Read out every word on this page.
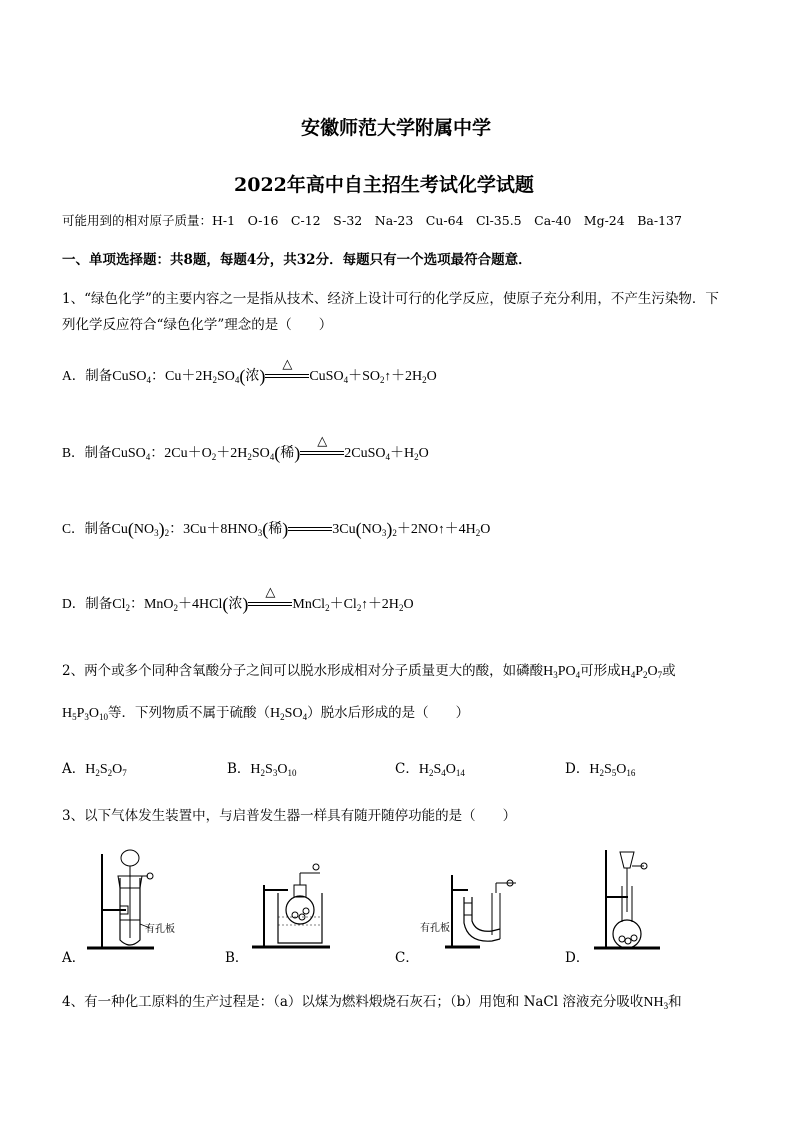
安徽师范大学附属中学
2022年高中自主招生考试化学试题
可能用到的相对原子质量：H-1　O-16　C-12　S-32　Na-23　Cu-64　Cl-35.5　Ca-40　Mg-24　Ba-137
一、单项选择题：共8题，每题4分，共32分．每题只有一个选项最符合题意．
1、“绿色化学”的主要内容之一是指从技术、经济上设计可行的化学反应，使原子充分利用，不产生污染物．下
列化学反应符合“绿色化学”理念的是（　　）
A．制备CuSO$_4$：$Cu+2H_2SO_4$(浓)
△
$CuSO_4+SO_2↑+2H_2O$
B．制备CuSO$_4$：$2Cu+O_2+2H_2SO_4$(稀)
△
$2CuSO_4+H_2O$
C．制备$Cu(NO_3)_2$：$3Cu+8HNO_3$(稀)	$3Cu(NO_3)_2+2NO↑+4H_2O$
D．制备$Cl_2$：MnO$_2$＋4HCl(浓)
△
$MnCl_2+Cl_2↑+2H_2O$
2、两个或多个同种含氧酸分子之间可以脱水形成相对分子质量更大的酸，如磷酸$H_3PO_4$可形成$H_4P_2O_7$或
$H_5P_3O_{10}$等．下列物质不属于硫酸$(H_2SO_4)$脱水后形成的是（　　）
A．$H_2S_2O_7$	B．$H_2S_3O_{10}$	C．$H_2S_4O_{14}$	D．$H_2S_5O_{16}$
3、以下气体发生装置中，与启普发生器一样具有随开随停功能的是（　　）
有孔板
A．	B．
有孔板
C．	D．
4、有一种化工原料的生产过程是：（a）以煤为燃料煅烧石灰石；（b）用饱和 NaCl 溶液充分吸收$NH_3$和
